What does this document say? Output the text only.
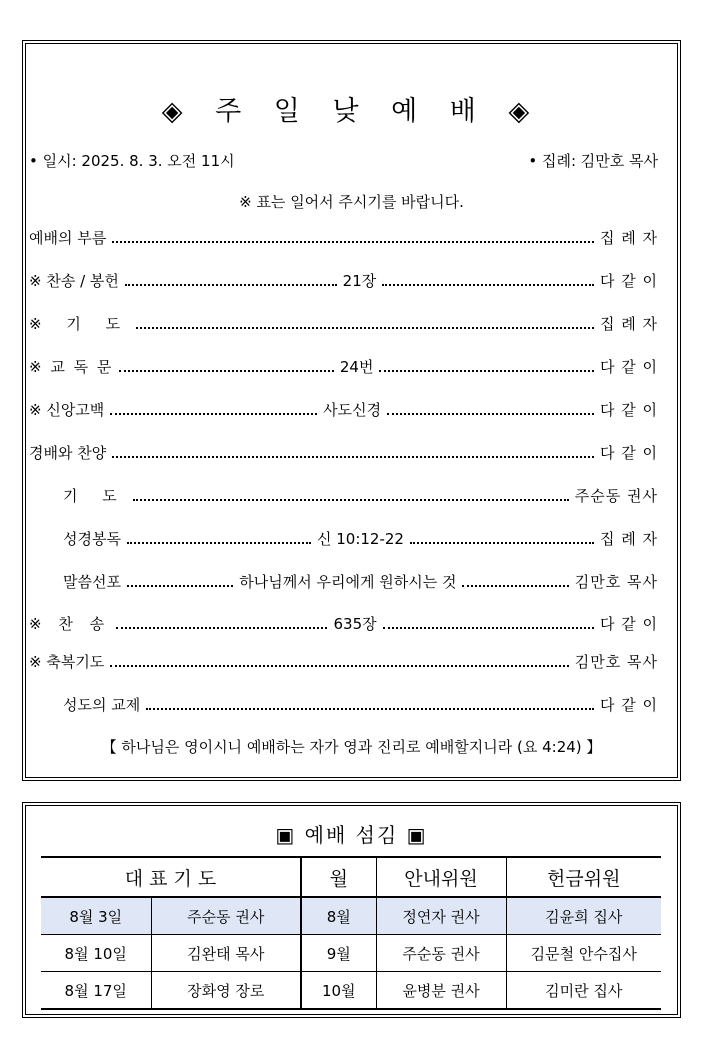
◈ 주 일 낮 예 배 ◈
• 일시: 2025. 8. 3. 오전 11시	• 집례: 김만호 목사
※ 표는 일어서 주시기를 바랍니다.
예배의 부름	집 례 자
※ 찬송 / 봉헌	21장	다 같 이
※ 기 도	집 례 자
※ 교 독 문	24번	다 같 이
※ 신앙고백	사도신경	다 같 이
경배와 찬양	다 같 이
기 도	주순동 권사
성경봉독	신 10:12-22	집 례 자
말씀선포	하나님께서 우리에게 원하시는 것	김만호 목사
※ 찬 송	635장	다 같 이
※ 축복기도	김만호 목사
성도의 교제	다 같 이
【 하나님은 영이시니 예배하는 자가 영과 진리로 예배할지니라 (요 4:24) 】
▣ 예배 섬김 ▣
대 표 기 도		월	안내위원	헌금위원
8월 3일	주순동 권사	8월	정연자 권사	김윤희 집사
8월 10일	김완태 목사	9월	주순동 권사	김문철 안수집사
8월 17일	장화영 장로	10월	윤병분 권사	김미란 집사
